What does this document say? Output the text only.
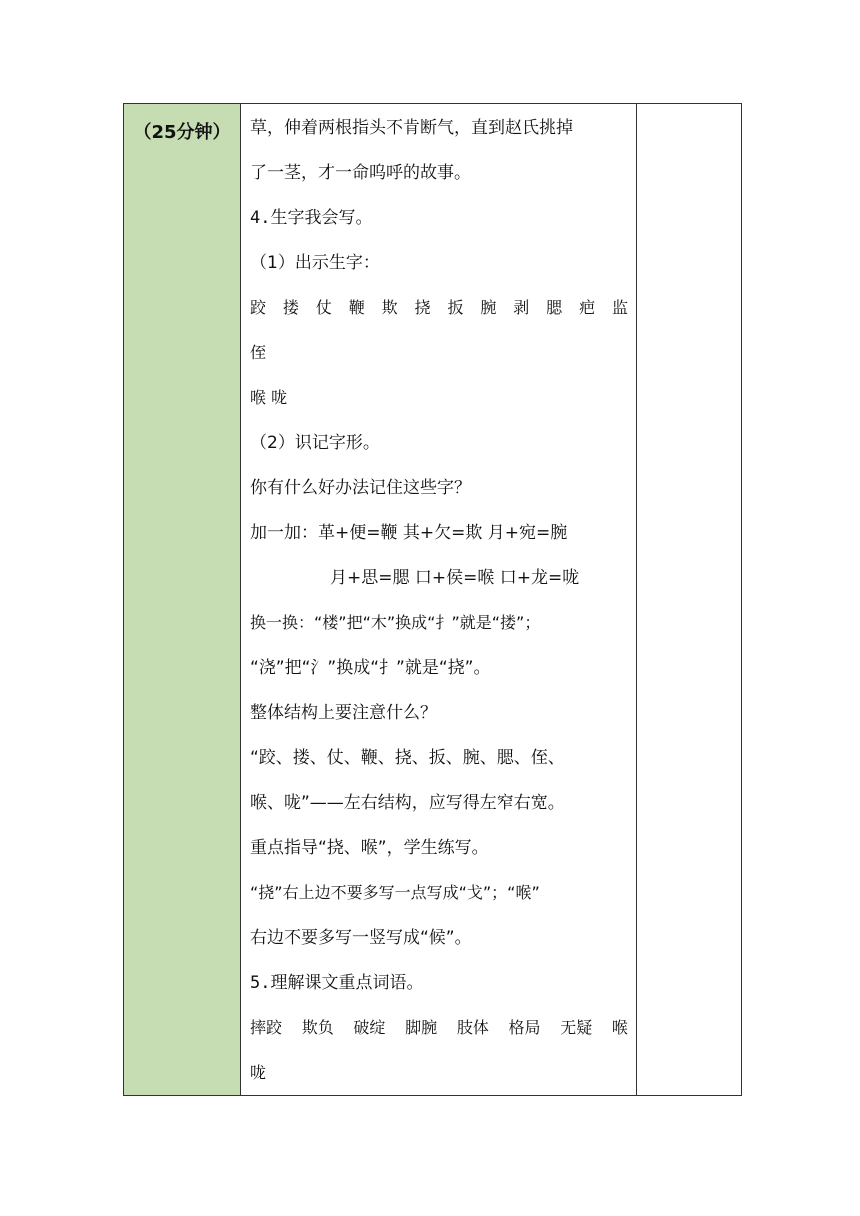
（25分钟）	草，伸着两根指头不肯断气，直到赵氏挑掉
了一茎，才一命呜呼的故事。
4.生字我会写。
（1）出示生字：
跤 搂 仗 鞭 欺 挠 扳 腕 剥 腮 疤 监
侄
喉 咙
（2）识记字形。
你有什么好办法记住这些字？
加一加：革+便=鞭 其+欠=欺 月+宛=腕
月+思=腮 口+侯=喉 口+龙=咙
换一换：“楼”把“木”换成“扌”就是“搂”；
“浇”把“氵”换成“扌”就是“挠”。
整体结构上要注意什么？
“跤、搂、仗、鞭、挠、扳、腕、腮、侄、
喉、咙”——左右结构，应写得左窄右宽。
重点指导“挠、喉”，学生练写。
“挠”右上边不要多写一点写成“戈”；“喉”
右边不要多写一竖写成“候”。
5.理解课文重点词语。
摔跤 欺负 破绽 脚腕 肢体 格局 无疑 喉
咙
